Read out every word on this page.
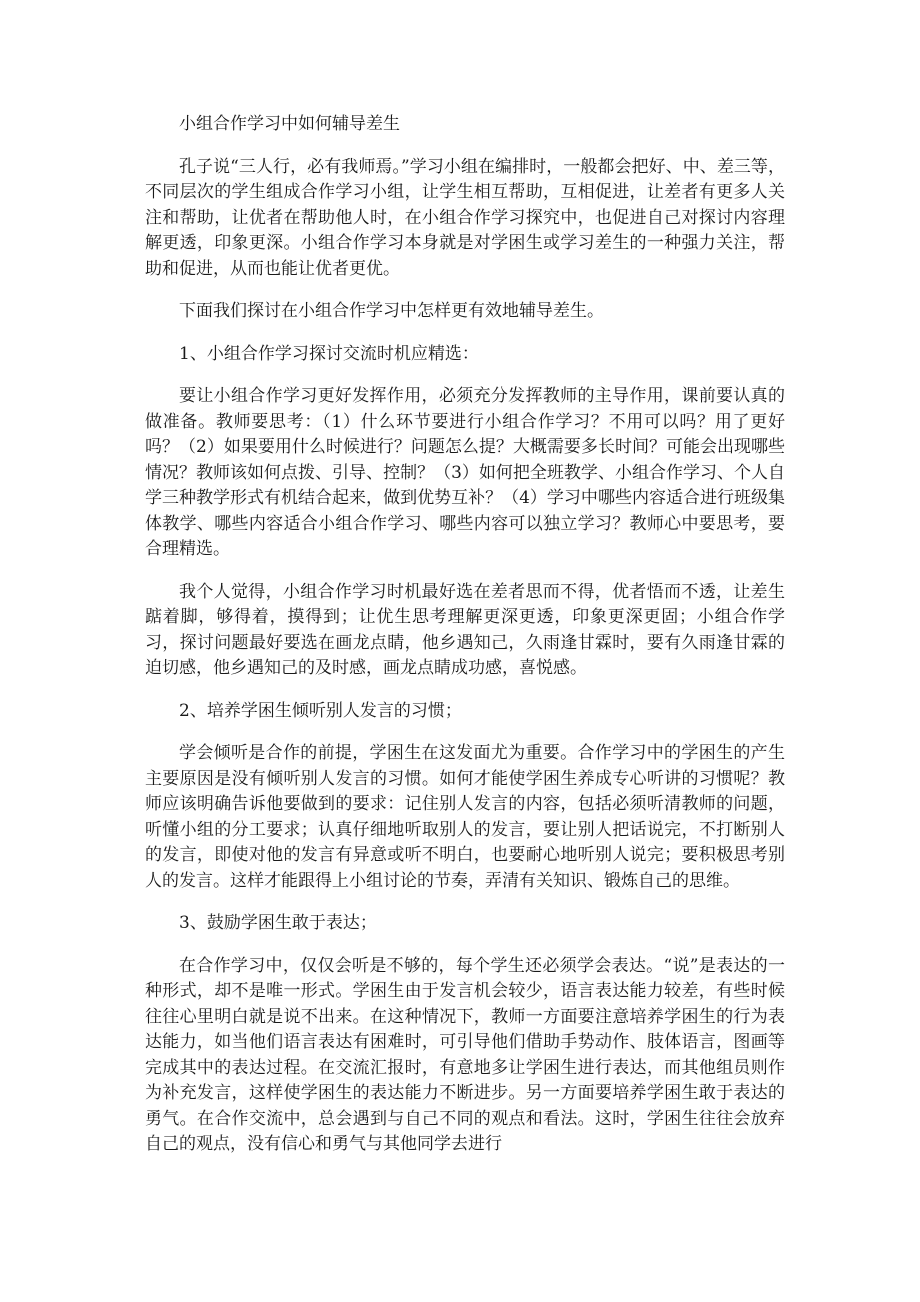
小组合作学习中如何辅导差生

孔子说“三人行，必有我师焉。”学习小组在编排时，一般都会把好、中、差三等，不同层次的学生组成合作学习小组，让学生相互帮助，互相促进，让差者有更多人关注和帮助，让优者在帮助他人时，在小组合作学习探究中，也促进自己对探讨内容理解更透，印象更深。小组合作学习本身就是对学困生或学习差生的一种强力关注，帮助和促进，从而也能让优者更优。

下面我们探讨在小组合作学习中怎样更有效地辅导差生。

1、小组合作学习探讨交流时机应精选：

要让小组合作学习更好发挥作用，必须充分发挥教师的主导作用，课前要认真的做准备。教师要思考：（1）什么环节要进行小组合作学习？不用可以吗？用了更好吗？（2）如果要用什么时候进行？问题怎么提？大概需要多长时间？可能会出现哪些情况？教师该如何点拨、引导、控制？（3）如何把全班教学、小组合作学习、个人自学三种教学形式有机结合起来，做到优势互补？（4）学习中哪些内容适合进行班级集体教学、哪些内容适合小组合作学习、哪些内容可以独立学习？教师心中要思考，要合理精选。

我个人觉得，小组合作学习时机最好选在差者思而不得，优者悟而不透，让差生踮着脚，够得着，摸得到；让优生思考理解更深更透，印象更深更固；小组合作学习，探讨问题最好要选在画龙点睛，他乡遇知己，久雨逢甘霖时，要有久雨逢甘霖的迫切感，他乡遇知己的及时感，画龙点睛成功感，喜悦感。

2、培养学困生倾听别人发言的习惯；

学会倾听是合作的前提，学困生在这发面尤为重要。合作学习中的学困生的产生主要原因是没有倾听别人发言的习惯。如何才能使学困生养成专心听讲的习惯呢？教师应该明确告诉他要做到的要求：记住别人发言的内容，包括必须听清教师的问题，听懂小组的分工要求；认真仔细地听取别人的发言，要让别人把话说完，不打断别人的发言，即使对他的发言有异意或听不明白，也要耐心地听别人说完；要积极思考别人的发言。这样才能跟得上小组讨论的节奏，弄清有关知识、锻炼自己的思维。

3、鼓励学困生敢于表达；

在合作学习中，仅仅会听是不够的，每个学生还必须学会表达。“说”是表达的一种形式，却不是唯一形式。学困生由于发言机会较少，语言表达能力较差，有些时候往往心里明白就是说不出来。在这种情况下，教师一方面要注意培养学困生的行为表达能力，如当他们语言表达有困难时，可引导他们借助手势动作、肢体语言，图画等完成其中的表达过程。在交流汇报时，有意地多让学困生进行表达，而其他组员则作为补充发言，这样使学困生的表达能力不断进步。另一方面要培养学困生敢于表达的勇气。在合作交流中，总会遇到与自己不同的观点和看法。这时，学困生往往会放弃自己的观点，没有信心和勇气与其他同学去进行
